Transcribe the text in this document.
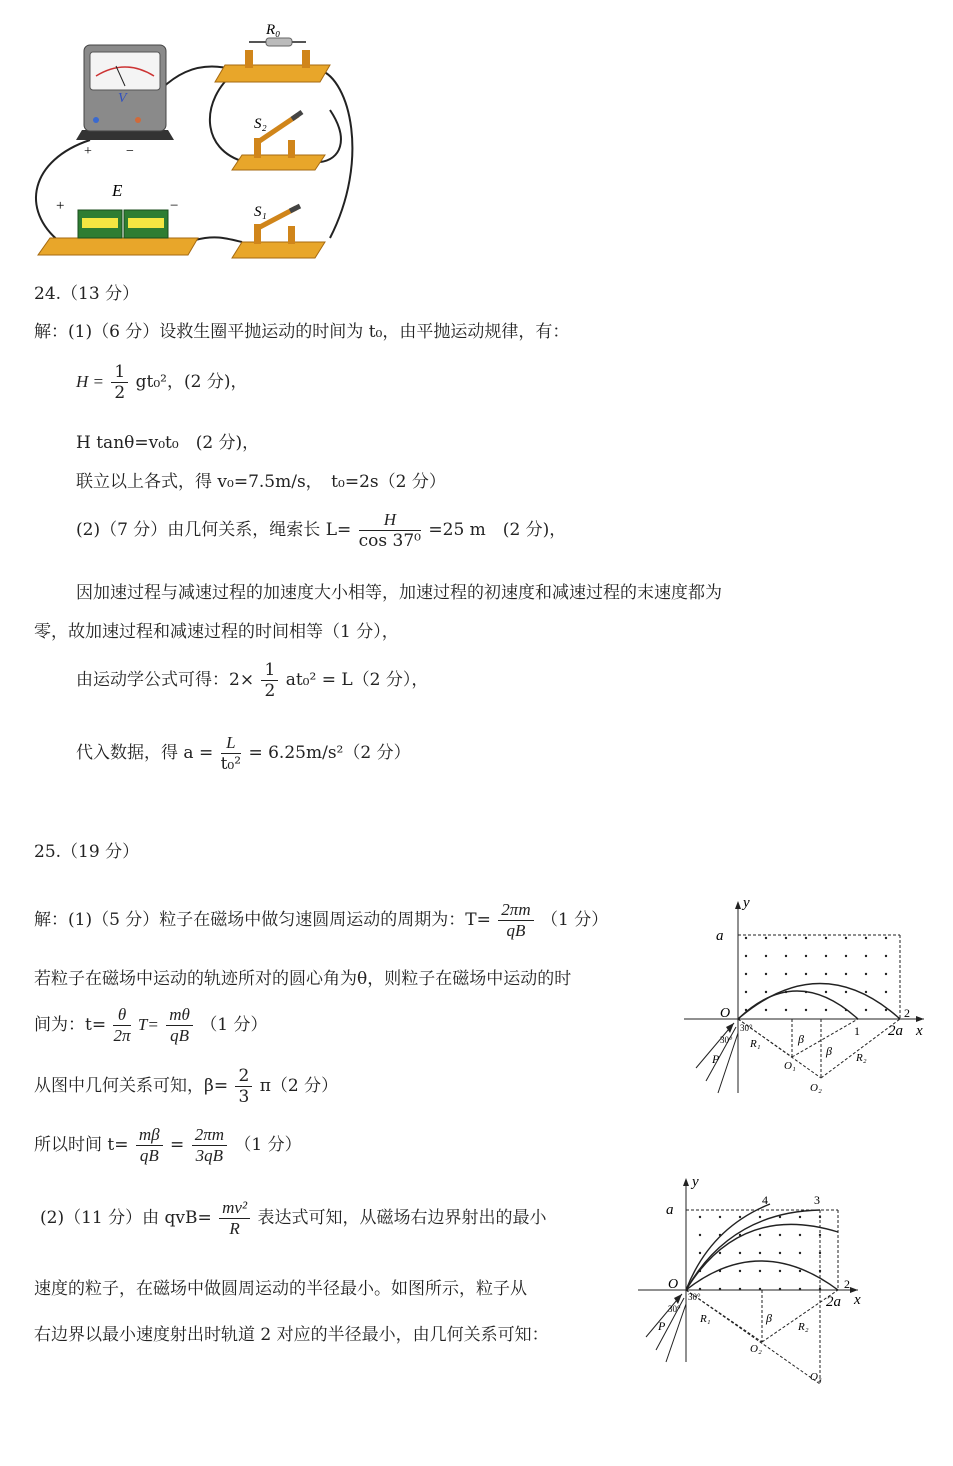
V
+ −
R₀
S₂
S₁
E
+	−
24.（13 分）
解：(1)（6 分）设救生圈平抛运动的时间为 t₀，由平抛运动规律，有：
$H = \frac{1}{2} gt_0^2$，(2 分)，
H tanθ=v₀t₀　(2 分)，
联立以上各式，得 v₀=7.5m/s，　t₀=2s（2 分）
(2)（7 分）由几何关系，绳索长 $L= \frac{H}{\text{cos 37⁰}} =25$ m　(2 分)，
因加速过程与减速过程的加速度大小相等，加速过程的初速度和减速过程的末速度都为
零，故加速过程和减速过程的时间相等（1 分），
由运动学公式可得：$2\times \frac{1}{2} at_0^2 = L(2$ 分），
代入数据，得 $a = \frac{L}{\text{t₀²}} = 6.25m/s^2(2$ 分）
25.（19 分）
解：(1)（5 分）粒子在磁场中做匀速圆周运动的周期为：$T= \frac{2\pi m}{qB} (1$ 分）
若粒子在磁场中运动的轨迹所对的圆心角为θ，则粒子在磁场中运动的时
间为：$t= \frac{\theta}{2\pi} T= \frac{m\theta}{qB} (1$ 分）
从图中几何关系可知，$\beta= \frac{2}{3} \pi(2$ 分）
所以时间 $t= \frac{m\beta}{qB} = \frac{2\pi m}{3qB} (1$ 分）
(2)（11 分）由 $qvB= \frac{\text{mv²}}{R}$ 表达式可知，从磁场右边界射出的最小
速度的粒子，在磁场中做圆周运动的半径最小。如图所示，粒子从
右边界以最小速度射出时轨道 2 对应的半径最小，由几何关系可知：
y
x
a
O
2a
1
2
P
30°
30°	β
β
R₁
R₂
O₁
O₂
y
x
a
O
2a
3
4
2
P
30°
30°
β
R₁
R₂
O₂
O₃
